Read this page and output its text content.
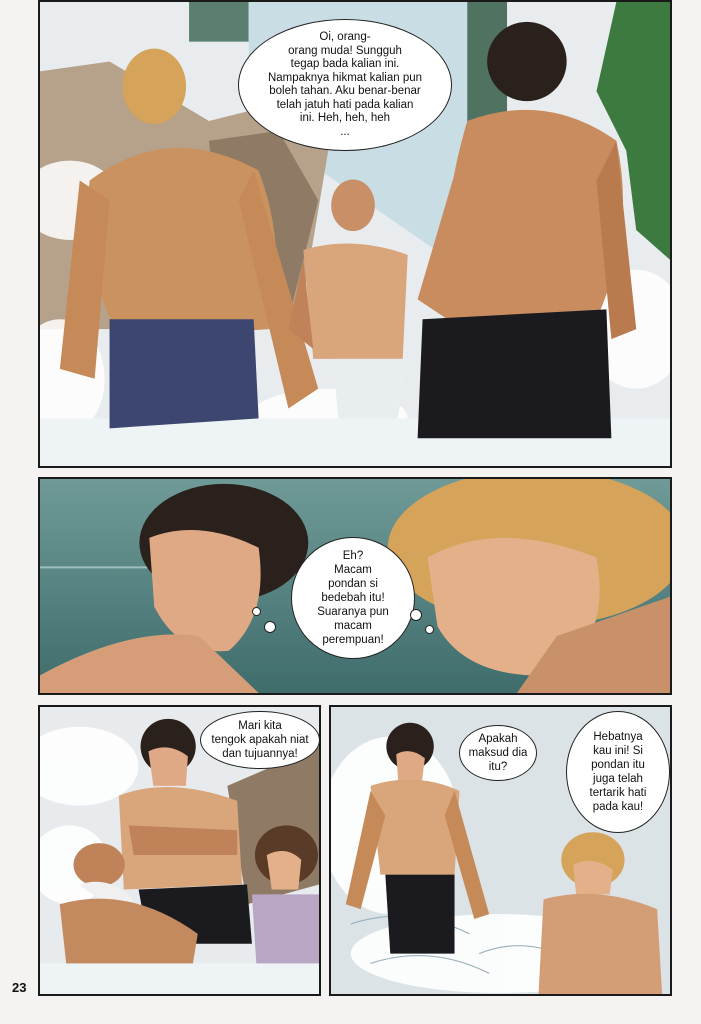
Oi, orang-
orang muda! Sungguh
tegap bada kalian ini.
Nampaknya hikmat kalian pun
boleh tahan. Aku benar-benar
telah jatuh hati pada kalian
ini. Heh, heh, heh
...
Eh?
Macam
pondan si
bedebah itu!
Suaranya pun
macam
perempuan!
Mari kita
tengok apakah niat
dan tujuannya!
Apakah
maksud dia
itu?
Hebatnya
kau ini! Si
pondan itu
juga telah
tertarik hati
pada kau!
23
